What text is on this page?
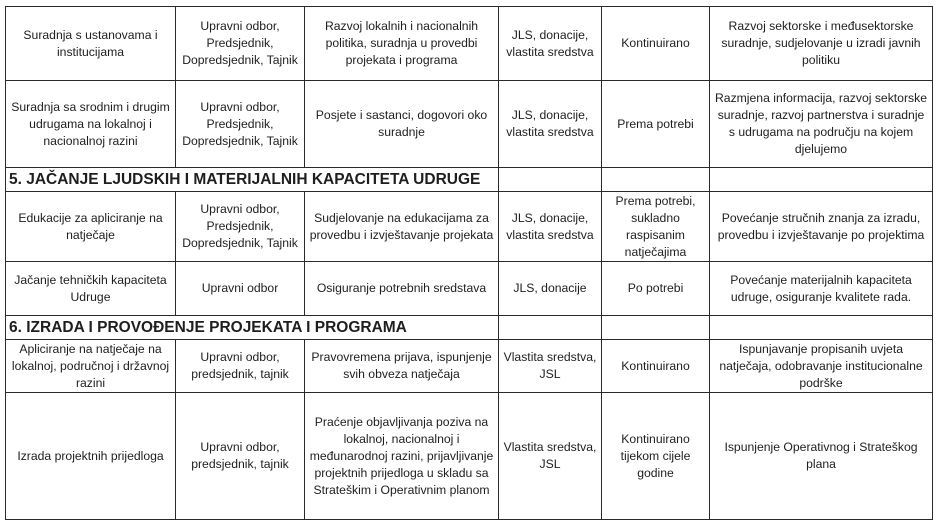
Suradnja s ustanovama i institucijama	Upravni odbor, Predsjednik, Dopredsjednik, Tajnik	Razvoj lokalnih i nacionalnih politika, suradnja u provedbi projekata i programa	JLS, donacije, vlastita sredstva	Kontinuirano	Razvoj sektorske i međusektorske suradnje, sudjelovanje u izradi javnih politiku
Suradnja sa srodnim i drugim udrugama na lokalnoj i nacionalnoj razini	Upravni odbor, Predsjednik, Dopredsjednik, Tajnik	Posjete i sastanci, dogovori oko suradnje	JLS, donacije, vlastita sredstva	Prema potrebi	Razmjena informacija, razvoj sektorske suradnje, razvoj partnerstva i suradnje s udrugama na području na kojem djelujemo
5. JAČANJE LJUDSKIH I MATERIJALNIH KAPACITETA UDRUGE					
Edukacije za apliciranje na natječaje	Upravni odbor, Predsjednik, Dopredsjednik, Tajnik	Sudjelovanje na edukacijama za provedbu i izvještavanje projekata	JLS, donacije, vlastita sredstva	Prema potrebi, sukladno raspisanim natječajima	Povećanje stručnih znanja za izradu, provedbu i izvještavanje po projektima
Jačanje tehničkih kapaciteta Udruge	Upravni odbor	Osiguranje potrebnih sredstava	JLS, donacije	Po potrebi	Povećanje materijalnih kapaciteta udruge, osiguranje kvalitete rada.
6. IZRADA I PROVOĐENJE PROJEKATA I PROGRAMA					
Apliciranje na natječaje na lokalnoj, područnoj i državnoj razini	Upravni odbor, predsjednik, tajnik	Pravovremena prijava, ispunjenje svih obveza natječaja	Vlastita sredstva, JSL	Kontinuirano	Ispunjavanje propisanih uvjeta natječaja, odobravanje institucionalne podrške
Izrada projektnih prijedloga	Upravni odbor, predsjednik, tajnik	Praćenje objavljivanja poziva na lokalnoj, nacionalnoj i međunarodnoj razini, prijavljivanje projektnih prijedloga u skladu sa Strateškim i Operativnim planom	Vlastita sredstva, JSL	Kontinuirano tijekom cijele godine	Ispunjenje Operativnog i Strateškog plana
